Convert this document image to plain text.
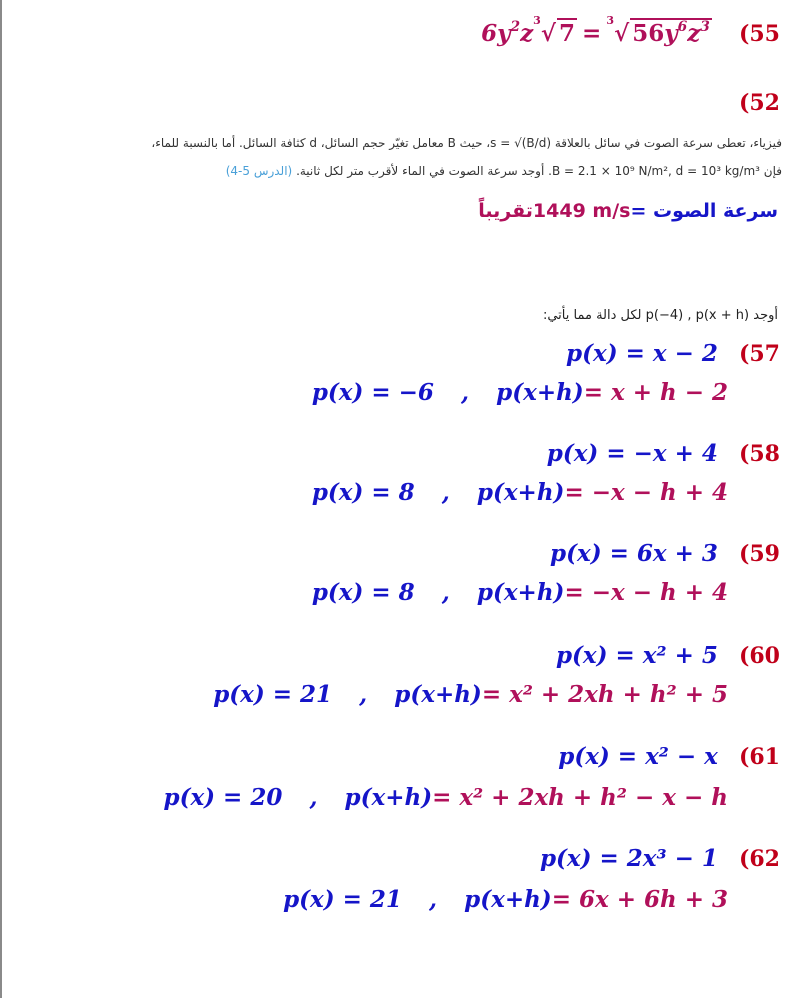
$6y^2z^3√$ 7 = $^3$√ $56y^6z^3$ (55
(52
فيزياء، تعطى سرعة الصوت في سائل بالعلاقة s = √(B/d)، حيث B معامل تغيّر حجم السائل، d كثافة السائل. أما بالنسبة للماء،
فإن B = 2.1 × 10⁹ N/m², d = 10³ kg/m³. أوجد سرعة الصوت في الماء لأقرب متر لكل ثانية. (الدرس 5-4)
سرعة الصوت =1449 m/sتقريباً
أوجد p(−4) , p(x + h) لكل دالة مما يأتي:
p(x) = x − 2 (57
p(x) = −6 , p(x+h)= x + h − 2
p(x) = −x + 4 (58
p(x) = 8 , p(x+h)= −x − h + 4
p(x) = 6x + 3 (59
p(x) = 8 , p(x+h)= −x − h + 4
p(x) = x² + 5 (60
p(x) = 21 , p(x+h)= x² + 2xh + h² + 5
p(x) = x² − x (61
p(x) = 20 , p(x+h)= x² + 2xh + h² − x − h
p(x) = 2x³ − 1 (62
p(x) = 21 , p(x+h)= 6x + 6h + 3
